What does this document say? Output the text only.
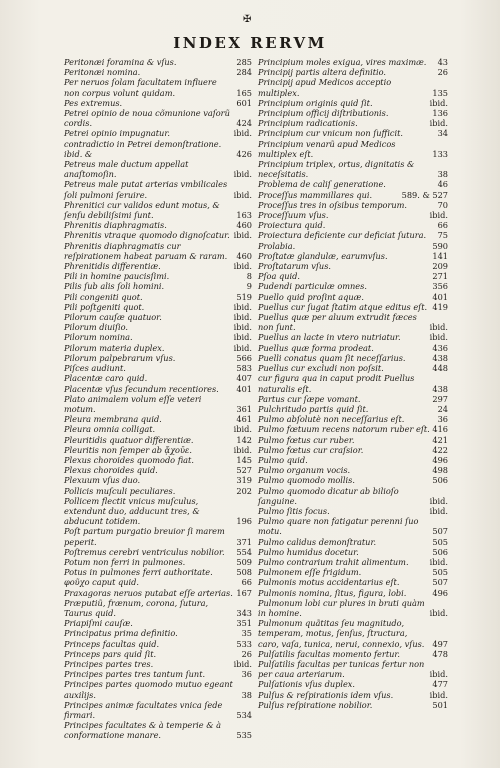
✠
INDEX RERVM
Peritonæi foramina & vſus.	285
Peritonæi nomina.	284
Per neruos ſolam facultatem influere non corpus volunt quidam.	165
Pes extremus.	601
Petrei opinio de noua cõmunione vaſorũ cordis.	424
Petrei opinio impugnatur.	ibid.
contradictio in Petrei demonſtratione. ibid. &	426
Petreus male ductum appellat anaſtomoſin.	ibid.
Petreus male putat arterias vmbilicales ſoli pulmoni ſeruire.	ibid.
Phrenitici cur validos edunt motus, & ſenſu debiliſsimi ſunt.	163
Phrenitis diaphragmatis.	460
Phrenitis vtraque quomodo dignoſcatur. ibid.
Phrenitis diaphragmatis cur reſpirationem habeat paruam & raram.	460
Phrenitidis differentiæ.	ibid.
Pili in homine paucisſimi.	8
Pilis ſub alis ſoli homini.	9
Pili congeniti quot.	519
Pili poſtgeniti quot.	ibid.
Pilorum cauſæ quatuor.	ibid.
Pilorum diuiſio.	ibid.
Pilorum nomina.	ibid.
Pilorum materia duplex.	ibid.
Pilorum palpebrarum vſus.	566
Piſces audiunt.	583
Placentæ caro quid.	407
Placentæ vſus ſecundum recentiores.	401
Plato animalem volum eſſe veteri motum.	361
Pleura membrana quid.	461
Pleura omnia colligat.	ibid.
Pleuritidis quatuor differentiæ.	142
Pleuritis non ſemper ab ᾄχοῡε.	ibid.
Plexus choroides quomodo fiat.	145
Plexus choroides quid.	527
Plexuum vſus duo.	319
Pollicis muſculi peculiares.	202
Pollicem flectit vnicus muſculus, extendunt duo, adducunt tres, & abducunt totidem.	196
Poſt partum purgatio breuior ſi marem peperit.	371
Poſtremus cerebri ventriculus nobilior.	554
Potum non ferri in pulmones.	509
Potus in pulmones ferri authoritate.	508
φοῦχο caput quid.	66
Praxagoras neruos putabat eſſe arterias. 167
Præputiũ, frænum, corona, ſutura, Taurus quid.	343
Priapiſmi cauſæ.	351
Principatus prima definitio.	35
Princeps facultas quid.	533
Princeps pars quid ſit.	26
Principes partes tres.	ibid.
Principes partes tres tantum ſunt.	36
Principes partes quomodo mutuo egeant auxilijs.	38
Principes animæ facultates vnica ſede firmari.	534
Principes facultates & à temperie & à conformatione manare.	535
Principium moles exigua, vires maximæ.	43
Principij partis altera definitio.	26
Principij apud Medicos acceptio multiplex.	135
Principium originis quid ſit.	ibid.
Principium officij diſtributionis.	136
Principium radicationis.	ibid.
Principium cur vnicum non ſufficit.	34
Principium venarũ apud Medicos multiplex eſt.	133
Principium triplex, ortus, dignitatis & neceſsitatis.	38
Problema de caliſ generatione.	46
Proceſſus mammillares qui.	589. & 527
Proceſſus tres in oſsibus temporum.	70
Proceſſuum vſus.	ibid.
Proiectura quid.	66
Proiectura deficiente cur deficiat ſutura.	75
Prolabia.	590
Proſtatæ glandulæ, earumvſus.	141
Proſtatarum vſus.	209
Pſoa quid.	271
Pudendi particulæ omnes.	356
Puello quid proſint aquæ.	401
Puellus cur ſugat ſtatim atque editus eſt. 419
Puellus quæ per aluum extrudit fæces non ſunt.	ibid.
Puellus an lacte in vtero nutriatur.	ibid.
Puellus quæ forma prodeat.	436
Puelli conatus quam ſit neceſſarius.	438
Puellus cur excludi non poſsit.	448
cur figura qua in caput prodit Puellus naturalis eſt.	438
Partus cur ſæpe vomant.	297
Pulchritudo partis quid ſit.	24
Pulmo abſolutè non neceſſarius eſt.	36
Pulmo fœtuum recens natorum ruber eſt. 416
Pulmo fœtus cur ruber.	421
Pulmo fœtus cur craſsior.	422
Pulmo quid.	496
Pulmo organum vocis.	498
Pulmo quomodo mollis.	506
Pulmo quomodo dicatur ab bilioſo ſanguine.	ibid.
Pulmo ſitis focus.	ibid.
Pulmo quare non fatigatur perenni ſuo motu.	507
Pulmo calidus demonſtratur.	505
Pulmo humidus docetur.	506
Pulmo contrarium trahit alimentum.	ibid.
Pulmonem eſſe frigidum.	505
Pulmonis motus accidentarius eſt.	507
Pulmonis nomina, ſitus, figura, lobi.	496
Pulmonum lobi cur plures in bruti quàm in homine.	ibid.
Pulmonum quãtitas ſeu magnitudo, temperam, motus, ſenſus, ſtructura, caro, vaſa, tunica, nerui, connexio, vſus. 497
Pulſatilis facultas momento fertur.	478
Pulſatilis facultas per tunicas fertur non per caua arteriarum.	ibid.
Pulſationis vſus duplex.	477
Pulſus & reſpirationis idem vſus.	ibid.
Pulſus reſpiratione nobilior.	501
